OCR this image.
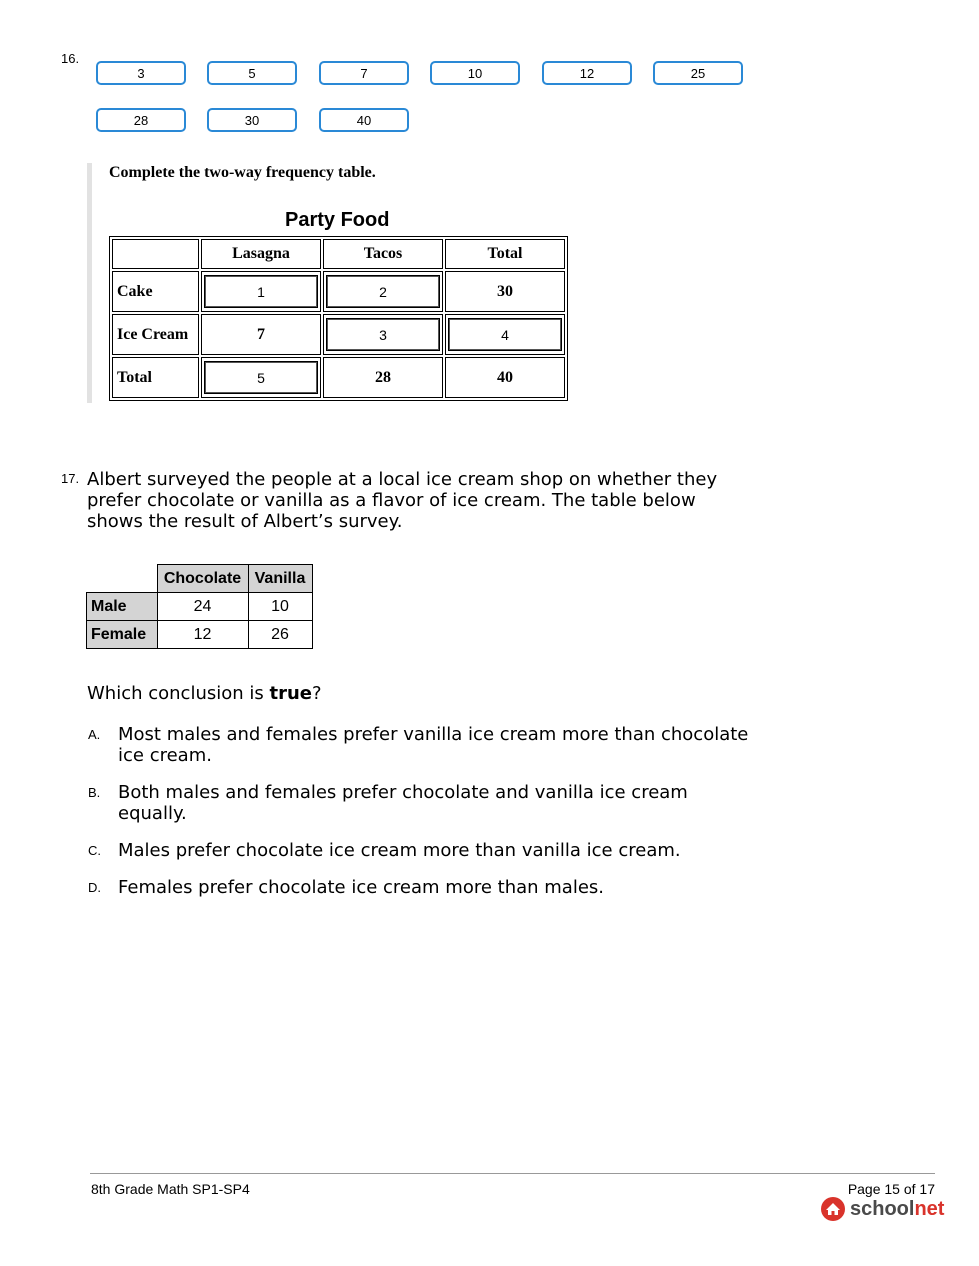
16.
3	5	7	10	12	25
28	30	40
Complete the two-way frequency table.
Party Food
	Lasagna	Tacos	Total
Cake	1	2	30
Ice Cream	7	3	4

Total	5	28	40
17. Albert surveyed the people at a local ice cream shop on whether they prefer chocolate or vanilla as a flavor of ice cream. The table below shows the result of Albert’s survey.
	Chocolate	Vanilla
Male	24	10
Female	12	26
Which conclusion is true?
A. Most males and females prefer vanilla ice cream more than chocolate ice cream.
B. Both males and females prefer chocolate and vanilla ice cream equally.
C. Males prefer chocolate ice cream more than vanilla ice cream.
D. Females prefer chocolate ice cream more than males.
8th Grade Math SP1-SP4	Page 15 of 17
schoolnet
